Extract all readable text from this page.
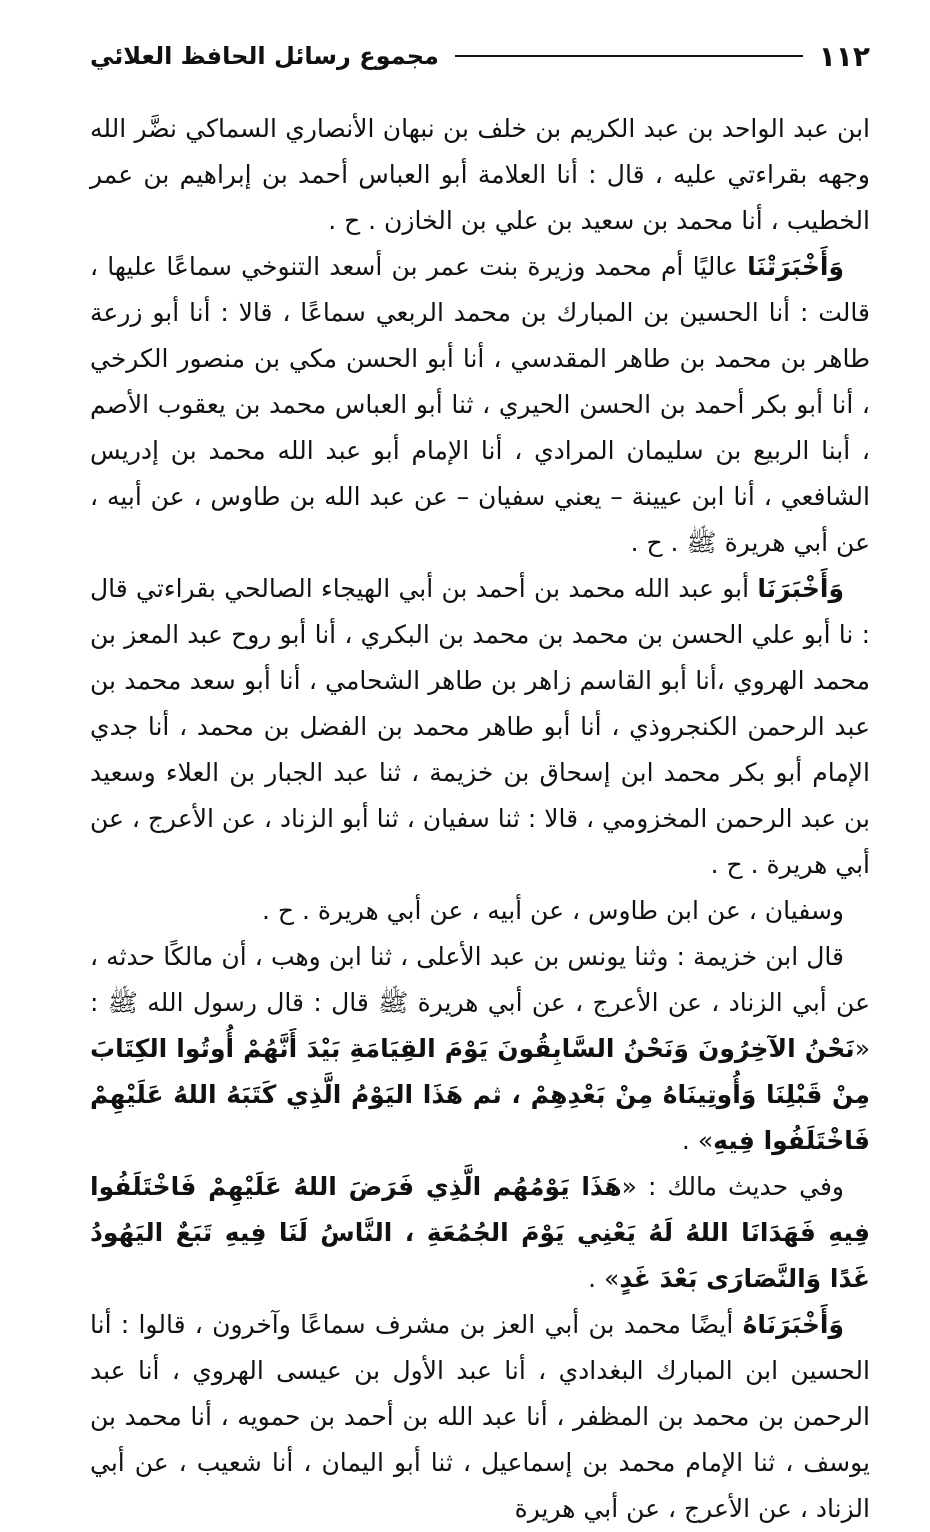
١١٢
مجموع رسائل الحافظ العلائي

ابن عبد الواحد بن عبد الكريم بن خلف بن نبهان الأنصاري السماكي نضَّر الله وجهه بقراءتي عليه ، قال : أنا العلامة أبو العباس أحمد بن إبراهيم بن عمر الخطيب ، أنا محمد بن سعيد بن علي بن الخازن . ح .

وَأَخْبَرَتْنَا عاليًا أم محمد وزيرة بنت عمر بن أسعد التنوخي سماعًا عليها ، قالت : أنا الحسين بن المبارك بن محمد الربعي سماعًا ، قالا : أنا أبو زرعة طاهر بن محمد بن طاهر المقدسي ، أنا أبو الحسن مكي بن منصور الكرخي ، أنا أبو بكر أحمد بن الحسن الحيري ، ثنا أبو العباس محمد بن يعقوب الأصم ، أبنا الربيع بن سليمان المرادي ، أنا الإمام أبو عبد الله محمد بن إدريس الشافعي ، أنا ابن عيينة – يعني سفيان – عن عبد الله بن طاوس ، عن أبيه ، عن أبي هريرة ﷺ . ح .

وَأَخْبَرَنَا أبو عبد الله محمد بن أحمد بن أبي الهيجاء الصالحي بقراءتي قال : نا أبو علي الحسن بن محمد بن محمد بن البكري ، أنا أبو روح عبد المعز بن محمد الهروي ،أنا أبو القاسم زاهر بن طاهر الشحامي ، أنا أبو سعد محمد بن عبد الرحمن الكنجروذي ، أنا أبو طاهر محمد بن الفضل بن محمد ، أنا جدي الإمام أبو بكر محمد ابن إسحاق بن خزيمة ، ثنا عبد الجبار بن العلاء وسعيد بن عبد الرحمن المخزومي ، قالا : ثنا سفيان ، ثنا أبو الزناد ، عن الأعرج ، عن أبي هريرة . ح .

وسفيان ، عن ابن طاوس ، عن أبيه ، عن أبي هريرة . ح .

قال ابن خزيمة : وثنا يونس بن عبد الأعلى ، ثنا ابن وهب ، أن مالكًا حدثه ، عن أبي الزناد ، عن الأعرج ، عن أبي هريرة ﷺ قال : قال رسول الله ﷺ : «نَحْنُ الآخِرُونَ وَنَحْنُ السَّابِقُونَ يَوْمَ القِيَامَةِ بَيْدَ أَنَّهُمْ أُوتُوا الكِتَابَ مِنْ قَبْلِنَا وَأُوتِينَاهُ مِنْ بَعْدِهِمْ ، ثم هَذَا اليَوْمُ الَّذِي كَتَبَهُ اللهُ عَلَيْهِمْ فَاخْتَلَفُوا فِيهِ» .

وفي حديث مالك : «هَذَا يَوْمُهُم الَّذِي فَرَضَ اللهُ عَلَيْهِمْ فَاخْتَلَفُوا فِيهِ فَهَدَانَا اللهُ لَهُ يَعْنِي يَوْمَ الجُمُعَةِ ، النَّاسُ لَنَا فِيهِ تَبَعٌ اليَهُودُ غَدًا وَالنَّصَارَى بَعْدَ غَدٍ» .

وَأَخْبَرَنَاهُ أيضًا محمد بن أبي العز بن مشرف سماعًا وآخرون ، قالوا : أنا الحسين ابن المبارك البغدادي ، أنا عبد الأول بن عيسى الهروي ، أنا عبد الرحمن بن محمد بن المظفر ، أنا عبد الله بن أحمد بن حمويه ، أنا محمد بن يوسف ، ثنا الإمام محمد بن إسماعيل ، ثنا أبو اليمان ، أنا شعيب ، عن أبي الزناد ، عن الأعرج ، عن أبي هريرة
